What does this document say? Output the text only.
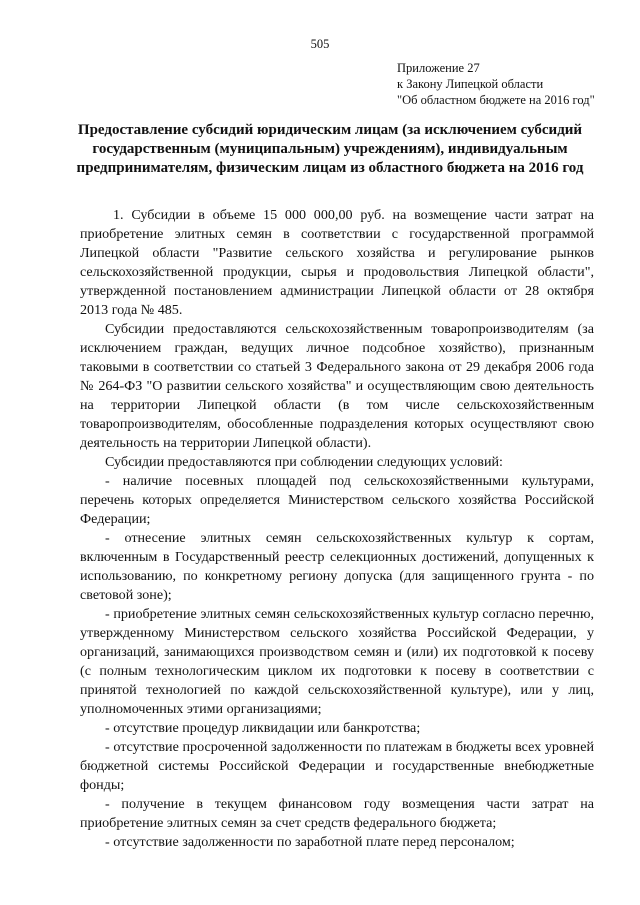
505
Приложение 27
к Закону Липецкой области
"Об областном бюджете на 2016 год"
Предоставление субсидий юридическим лицам (за исключением субсидий
государственным (муниципальным) учреждениям), индивидуальным
предпринимателям, физическим лицам из областного бюджета на 2016 год

1. Субсидии в объеме 15 000 000,00 руб. на возмещение части затрат на приобретение элитных семян в соответствии с государственной программой Липецкой области "Развитие сельского хозяйства и регулирование рынков сельскохозяйственной продукции, сырья и продовольствия Липецкой области", утвержденной постановлением администрации Липецкой области от 28 октября 2013 года № 485.

Субсидии предоставляются сельскохозяйственным товаропроизводителям (за исключением граждан, ведущих личное подсобное хозяйство), признанным таковыми в соответствии со статьей 3 Федерального закона от 29 декабря 2006 года № 264-ФЗ "О развитии сельского хозяйства" и осуществляющим свою деятельность на территории Липецкой области (в том числе сельскохозяйственным товаропроизводителям, обособленные подразделения которых осуществляют свою деятельность на территории Липецкой области).

Субсидии предоставляются при соблюдении следующих условий:

- наличие посевных площадей под сельскохозяйственными культурами, перечень которых определяется Министерством сельского хозяйства Российской Федерации;

- отнесение элитных семян сельскохозяйственных культур к сортам, включенным в Государственный реестр селекционных достижений, допущенных к использованию, по конкретному региону допуска (для защищенного грунта - по световой зоне);

- приобретение элитных семян сельскохозяйственных культур согласно перечню, утвержденному Министерством сельского хозяйства Российской Федерации, у организаций, занимающихся производством семян и (или) их подготовкой к посеву (с полным технологическим циклом их подготовки к посеву в соответствии с принятой технологией по каждой сельскохозяйственной культуре), или у лиц, уполномоченных этими организациями;

- отсутствие процедур ликвидации или банкротства;

- отсутствие просроченной задолженности по платежам в бюджеты всех уровней бюджетной системы Российской Федерации и государственные внебюджетные фонды;

- получение в текущем финансовом году возмещения части затрат на приобретение элитных семян за счет средств федерального бюджета;

- отсутствие задолженности по заработной плате перед персоналом;
